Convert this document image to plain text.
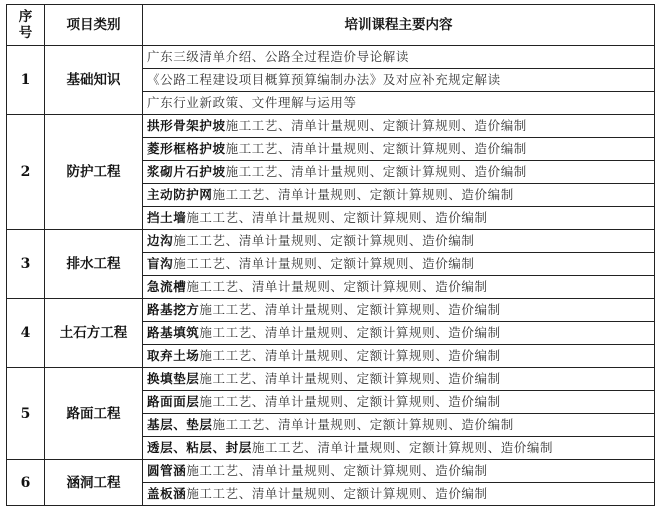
序号	项目类别	培训课程主要内容
1	基础知识	广东三级清单介绍、公路全过程造价导论解读
		《公路工程建设项目概算预算编制办法》及对应补充规定解读
		广东行业新政策、文件理解与运用等
2	防护工程	拱形骨架护坡施工工艺、清单计量规则、定额计算规则、造价编制
		菱形框格护坡施工工艺、清单计量规则、定额计算规则、造价编制
		浆砌片石护坡施工工艺、清单计量规则、定额计算规则、造价编制
		主动防护网施工工艺、清单计量规则、定额计算规则、造价编制
		挡土墙施工工艺、清单计量规则、定额计算规则、造价编制
3	排水工程	边沟施工工艺、清单计量规则、定额计算规则、造价编制
		盲沟施工工艺、清单计量规则、定额计算规则、造价编制
		急流槽施工工艺、清单计量规则、定额计算规则、造价编制
4	土石方工程	路基挖方施工工艺、清单计量规则、定额计算规则、造价编制
		路基填筑施工工艺、清单计量规则、定额计算规则、造价编制
		取弃土场施工工艺、清单计量规则、定额计算规则、造价编制
5	路面工程	换填垫层施工工艺、清单计量规则、定额计算规则、造价编制
		路面面层施工工艺、清单计量规则、定额计算规则、造价编制
		基层、垫层施工工艺、清单计量规则、定额计算规则、造价编制
		透层、粘层、封层施工工艺、清单计量规则、定额计算规则、造价编制
6	涵洞工程	圆管涵施工工艺、清单计量规则、定额计算规则、造价编制
		盖板涵施工工艺、清单计量规则、定额计算规则、造价编制
